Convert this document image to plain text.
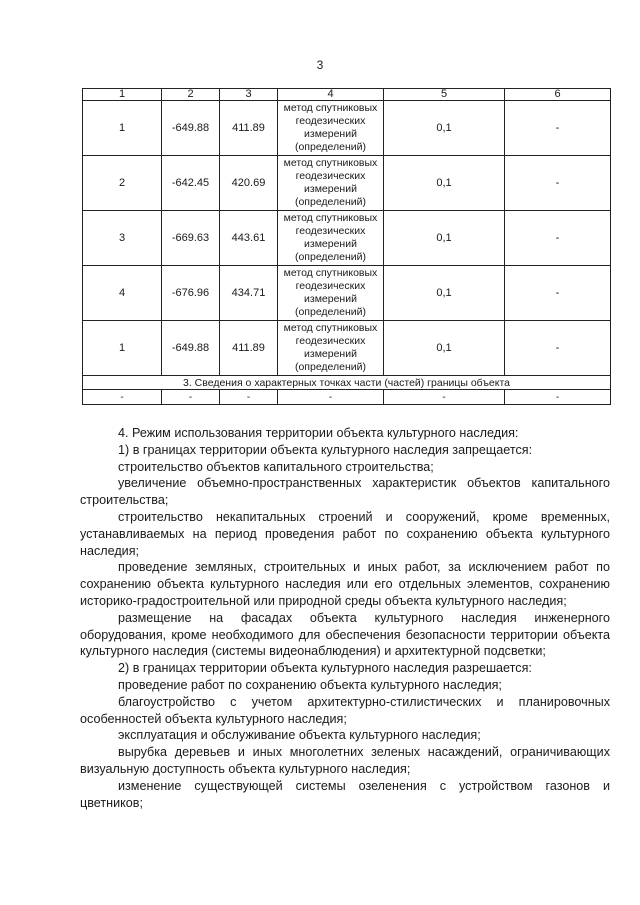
3
1	2	3	4	5	6
1	-649.88	411.89	метод спутниковых
геодезических
измерений
(определений)	0,1	-
2	-642.45	420.69	метод спутниковых
геодезических
измерений
(определений)	0,1	-
3	-669.63	443.61	метод спутниковых
геодезических
измерений
(определений)	0,1	-
4	-676.96	434.71	метод спутниковых
геодезических
измерений
(определений)	0,1	-
1	-649.88	411.89	метод спутниковых
геодезических
измерений
(определений)	0,1	-
3. Сведения о характерных точках части (частей) границы объекта					
-	-	-	-	-	-

4. Режим использования территории объекта культурного наследия:

1) в границах территории объекта культурного наследия запрещается:

строительство объектов капитального строительства;

увеличение объемно-пространственных характеристик объектов капитального строительства;

строительство некапитальных строений и сооружений, кроме временных, устанавливаемых на период проведения работ по сохранению объекта культурного наследия;

проведение земляных, строительных и иных работ, за исключением работ по сохранению объекта культурного наследия или его отдельных элементов, сохранению историко-градостроительной или природной среды объекта культурного наследия;

размещение на фасадах объекта культурного наследия инженерного оборудования, кроме необходимого для обеспечения безопасности территории объекта культурного наследия (системы видеонаблюдения) и архитектурной подсветки;

2) в границах территории объекта культурного наследия разрешается:

проведение работ по сохранению объекта культурного наследия;

благоустройство с учетом архитектурно-стилистических и планировочных особенностей объекта культурного наследия;

эксплуатация и обслуживание объекта культурного наследия;

вырубка деревьев и иных многолетних зеленых насаждений, ограничивающих визуальную доступность объекта культурного наследия;

изменение существующей системы озеленения с устройством газонов и цветников;
